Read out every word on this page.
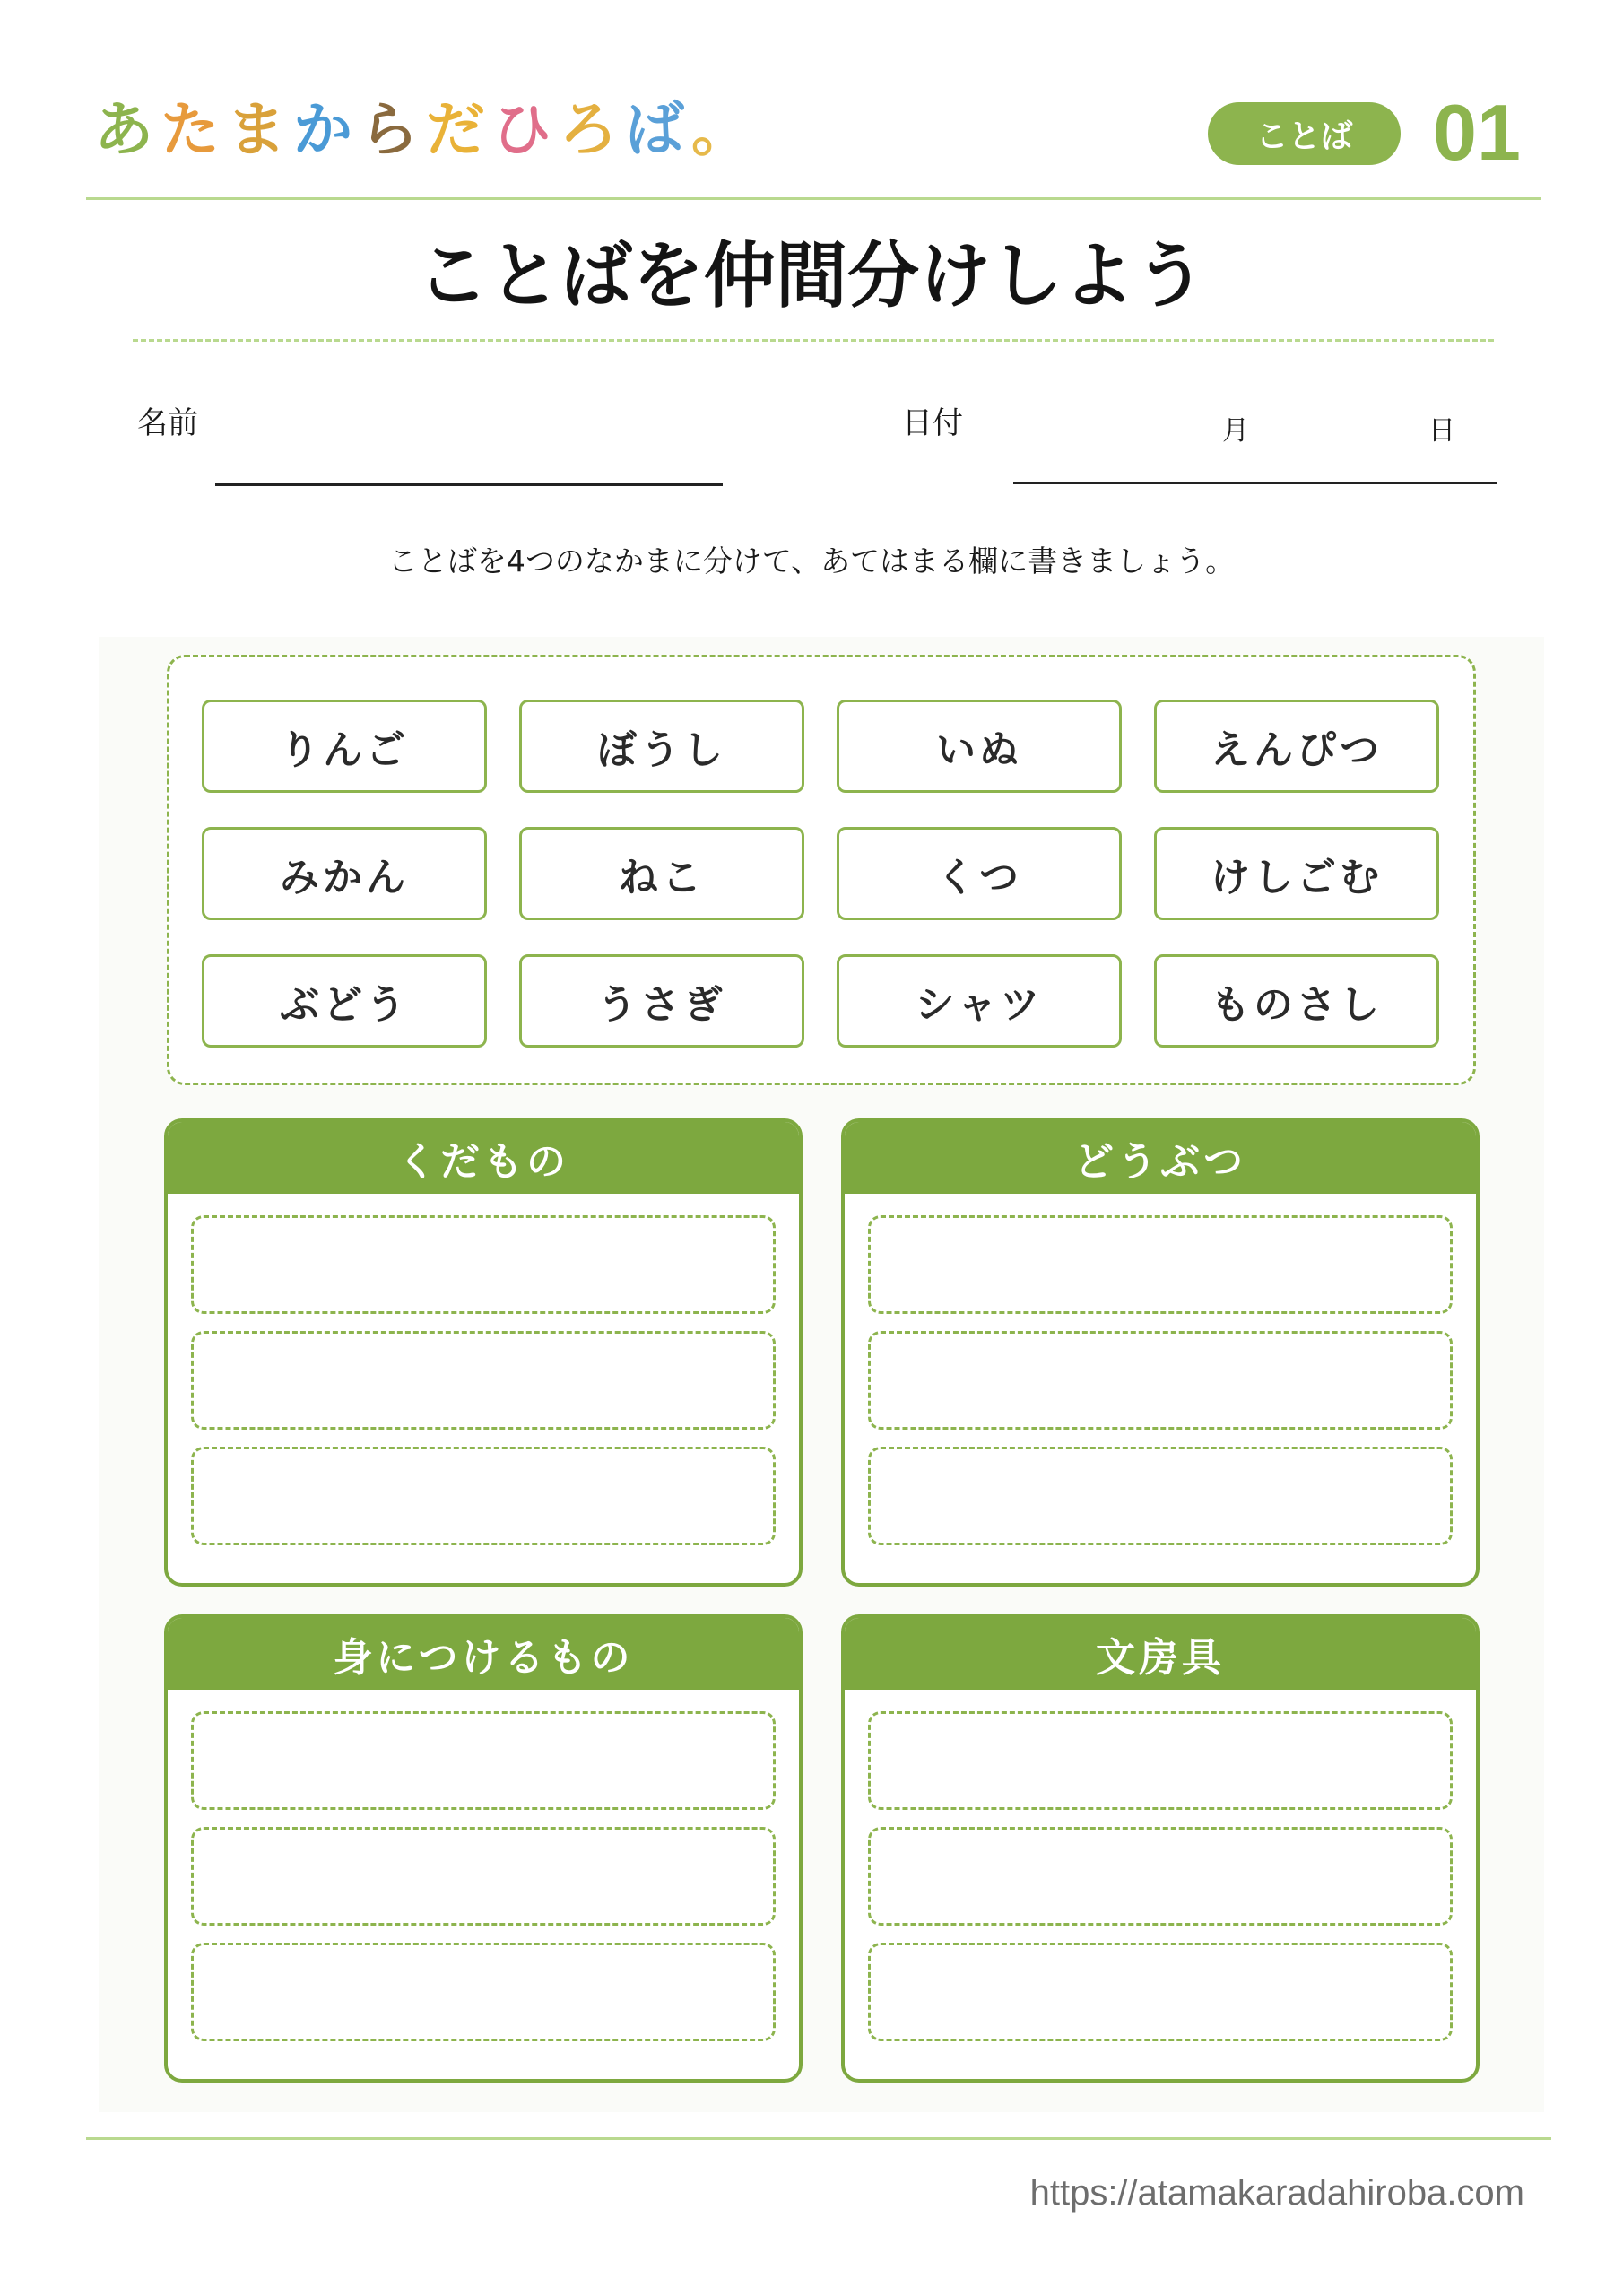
あ た ま か ら だ ひ ろ ば 。	ことば	01
ことばを仲間分けしよう
名前	日付	月	日
ことばを4つのなかまに分けて、あてはまる欄に書きましょう。
りんご	ぼうし	いぬ	えんぴつ
みかん	ねこ	くつ	けしごむ
ぶどう	うさぎ	シャツ	ものさし
くだもの	どうぶつ
身につけるもの	文房具
https://atamakaradahiroba.com
